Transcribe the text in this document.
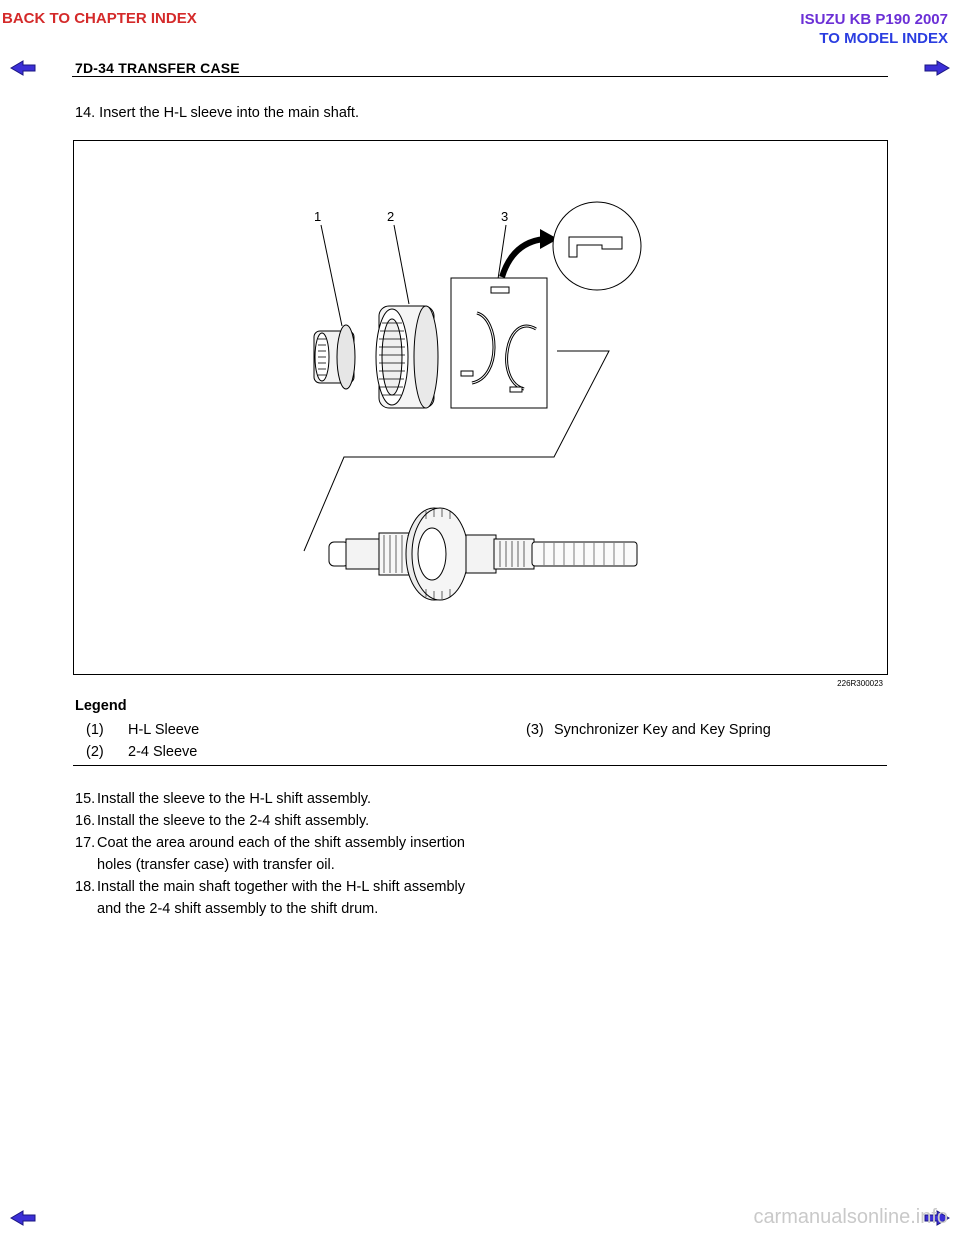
BACK TO CHAPTER INDEX	ISUZU KB P190 2007
TO MODEL INDEX
7D-34 TRANSFER CASE
14. Insert the H-L sleeve into the main shaft.
1	2	3
226R300023
Legend
(1) H-L Sleeve
(2) 2-4 Sleeve
(3) Synchronizer Key and Key Spring
15. Install the sleeve to the H-L shift assembly.
16. Install the sleeve to the 2-4 shift assembly.
17. Coat the area around each of the shift assembly insertion holes (transfer case) with transfer oil.
18. Install the main shaft together with the H-L shift assembly and the 2-4 shift assembly to the shift drum.
carmanualsonline.info
